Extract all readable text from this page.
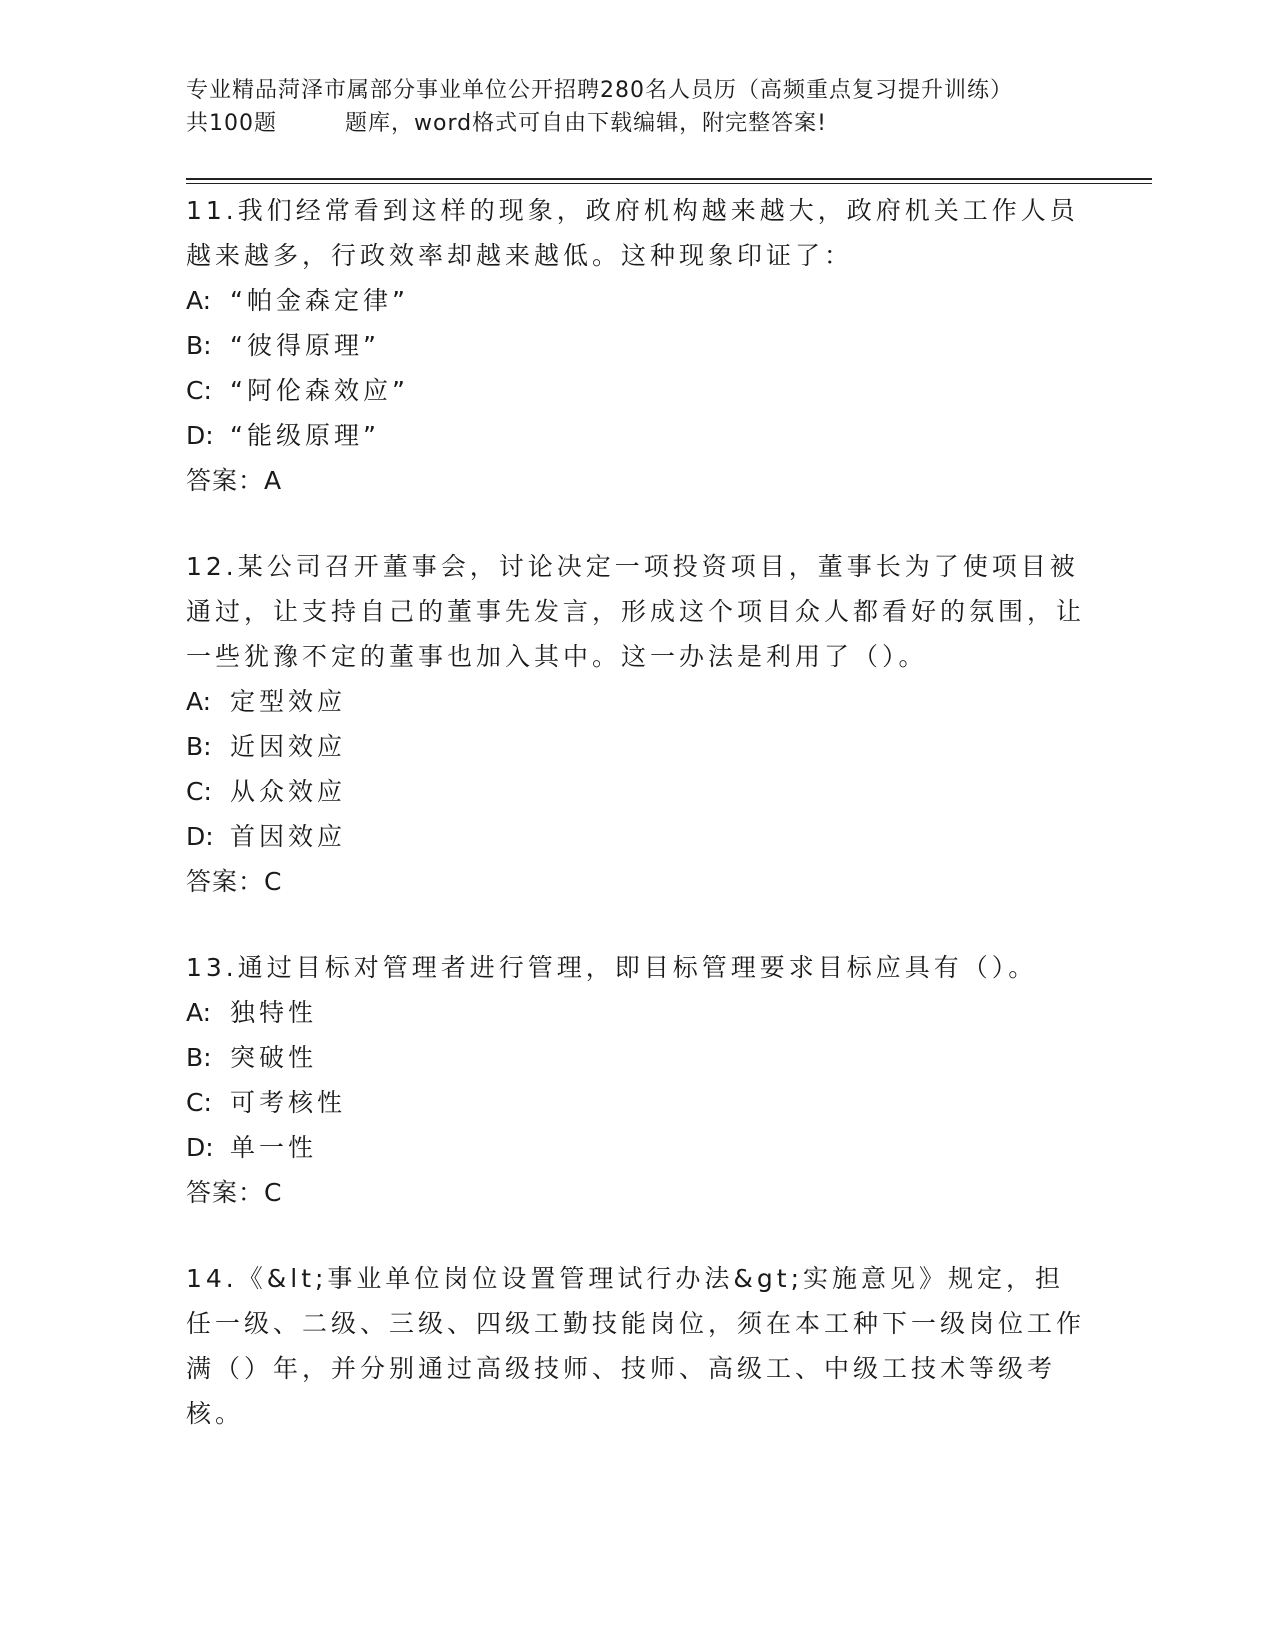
专业精品菏泽市属部分事业单位公开招聘280名人员历（高频重点复习提升训练）
共100题	题库，word格式可自由下载编辑，附完整答案!
11.我们经常看到这样的现象，政府机构越来越大，政府机关工作人员越来越多，行政效率却越来越低。这种现象印证了：
A: “帕金森定律”
B: “彼得原理”
C: “阿伦森效应”
D: “能级原理”
答案：A
12.某公司召开董事会，讨论决定一项投资项目，董事长为了使项目被通过，让支持自己的董事先发言，形成这个项目众人都看好的氛围，让一些犹豫不定的董事也加入其中。这一办法是利用了（）。
A: 定型效应
B: 近因效应
C: 从众效应
D: 首因效应
答案：C
13.通过目标对管理者进行管理，即目标管理要求目标应具有（）。
A: 独特性
B: 突破性
C: 可考核性
D: 单一性
答案：C
14.《&lt;事业单位岗位设置管理试行办法&gt;实施意见》规定，担任一级、二级、三级、四级工勤技能岗位，须在本工种下一级岗位工作满（）年，并分别通过高级技师、技师、高级工、中级工技术等级考核。
